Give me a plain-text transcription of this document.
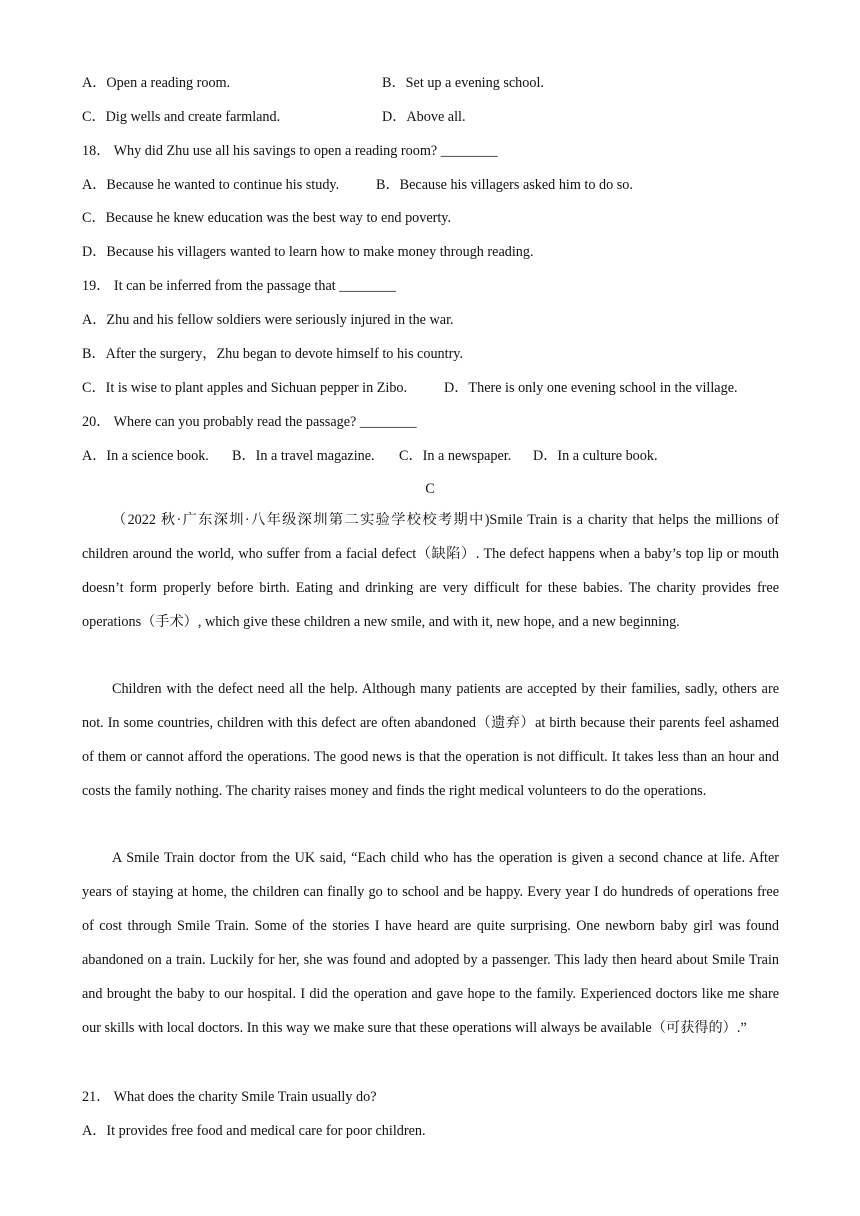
A．Open a reading room.	B．Set up a evening school.
C．Dig wells and create farmland.	D．Above all.
18． Why did Zhu use all his savings to open a reading room? ________
A．Because he wanted to continue his study.	B．Because his villagers asked him to do so.
C．Because he knew education was the best way to end poverty.
D．Because his villagers wanted to learn how to make money through reading.
19． It can be inferred from the passage that ________
A．Zhu and his fellow soldiers were seriously injured in the war.
B．After the surgery，Zhu began to devote himself to his country.
C．It is wise to plant apples and Sichuan pepper in Zibo.	D．There is only one evening school in the village.
20． Where can you probably read the passage? ________
A．In a science book. B．In a travel magazine. C．In a newspaper. D．In a culture book.
C

（2022 秋·广东深圳·八年级深圳第二实验学校校考期中)Smile Train is a charity that helps the millions of children around the world, who suffer from a facial defect（缺陷）. The defect happens when a baby’s top lip or mouth doesn’t form properly before birth. Eating and drinking are very difficult for these babies. The charity provides free operations（手术）, which give these children a new smile, and with it, new hope, and a new beginning.

Children with the defect need all the help. Although many patients are accepted by their families, sadly, others are not. In some countries, children with this defect are often abandoned（遗弃）at birth because their parents feel ashamed of them or cannot afford the operations. The good news is that the operation is not difficult. It takes less than an hour and costs the family nothing. The charity raises money and finds the right medical volunteers to do the operations.

A Smile Train doctor from the UK said, “Each child who has the operation is given a second chance at life. After years of staying at home, the children can finally go to school and be happy. Every year I do hundreds of operations free of cost through Smile Train. Some of the stories I have heard are quite surprising. One newborn baby girl was found abandoned on a train. Luckily for her, she was found and adopted by a passenger. This lady then heard about Smile Train and brought the baby to our hospital. I did the operation and gave hope to the family. Experienced doctors like me share our skills with local doctors. In this way we make sure that these operations will always be available（可获得的）.”

21． What does the charity Smile Train usually do?
A．It provides free food and medical care for poor children.
